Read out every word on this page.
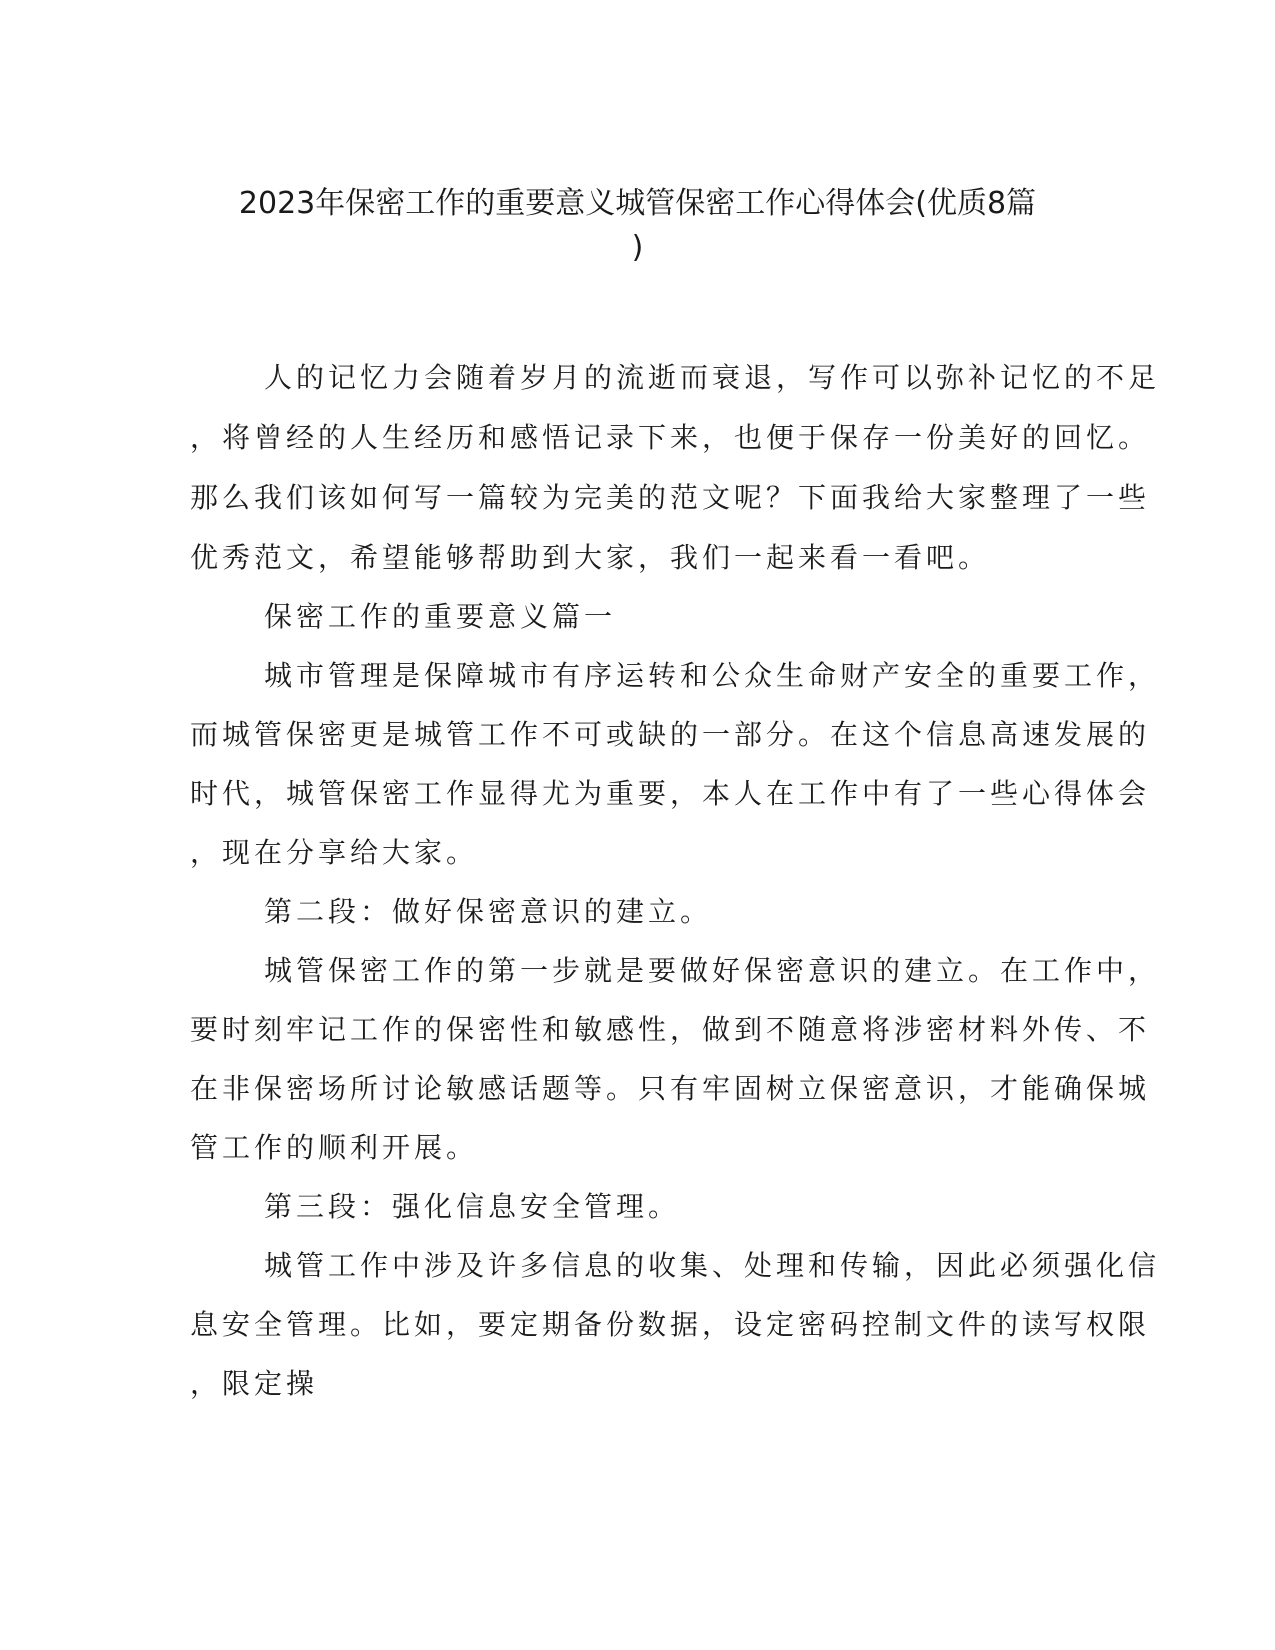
2023年保密工作的重要意义城管保密工作心得体会(优质8篇
)
人的记忆力会随着岁月的流逝而衰退，写作可以弥补记忆的不足
，将曾经的人生经历和感悟记录下来，也便于保存一份美好的回忆。
那么我们该如何写一篇较为完美的范文呢？下面我给大家整理了一些
优秀范文，希望能够帮助到大家，我们一起来看一看吧。
保密工作的重要意义篇一
城市管理是保障城市有序运转和公众生命财产安全的重要工作，
而城管保密更是城管工作不可或缺的一部分。在这个信息高速发展的
时代，城管保密工作显得尤为重要，本人在工作中有了一些心得体会
，现在分享给大家。
第二段：做好保密意识的建立。
城管保密工作的第一步就是要做好保密意识的建立。在工作中，
要时刻牢记工作的保密性和敏感性，做到不随意将涉密材料外传、不
在非保密场所讨论敏感话题等。只有牢固树立保密意识，才能确保城
管工作的顺利开展。
第三段：强化信息安全管理。
城管工作中涉及许多信息的收集、处理和传输，因此必须强化信
息安全管理。比如，要定期备份数据，设定密码控制文件的读写权限
，限定操
